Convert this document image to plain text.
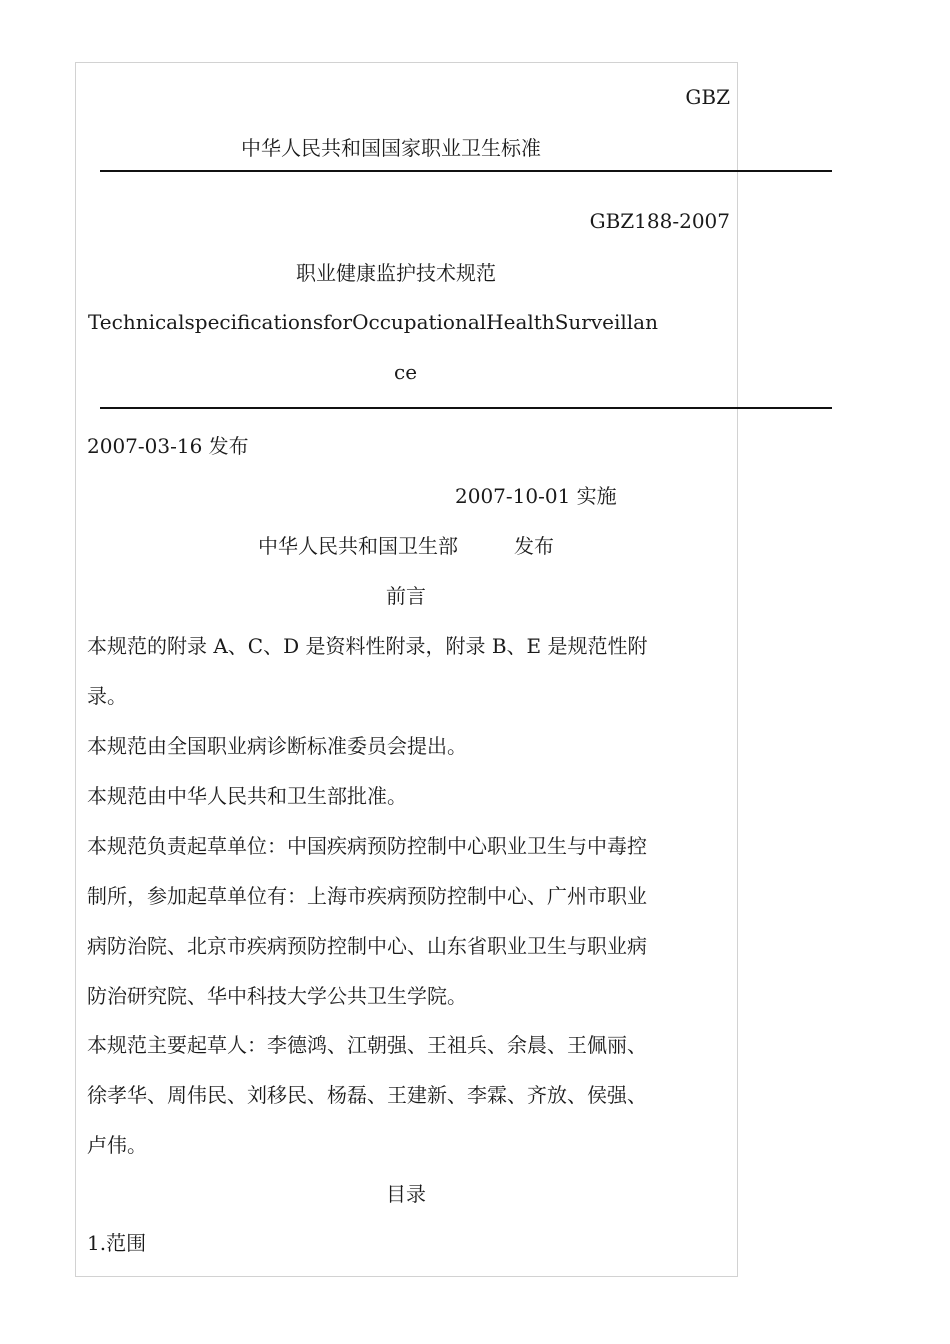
GBZ
中华人民共和国国家职业卫生标准
GBZ188-2007
职业健康监护技术规范
TechnicalspecificationsforOccupationalHealthSurveillan
ce
2007-03-16 发布
2007-10-01 实施
中华人民共和国卫生部	发布
前言
本规范的附录 A、C、D 是资料性附录，附录 B、E 是规范性附
录。
本规范由全国职业病诊断标准委员会提出。
本规范由中华人民共和卫生部批准。
本规范负责起草单位：中国疾病预防控制中心职业卫生与中毒控
制所，参加起草单位有：上海市疾病预防控制中心、广州市职业
病防治院、北京市疾病预防控制中心、山东省职业卫生与职业病
防治研究院、华中科技大学公共卫生学院。
本规范主要起草人：李德鸿、江朝强、王祖兵、余晨、王佩丽、
徐孝华、周伟民、刘移民、杨磊、王建新、李霖、齐放、侯强、
卢伟。
目录
1.范围
